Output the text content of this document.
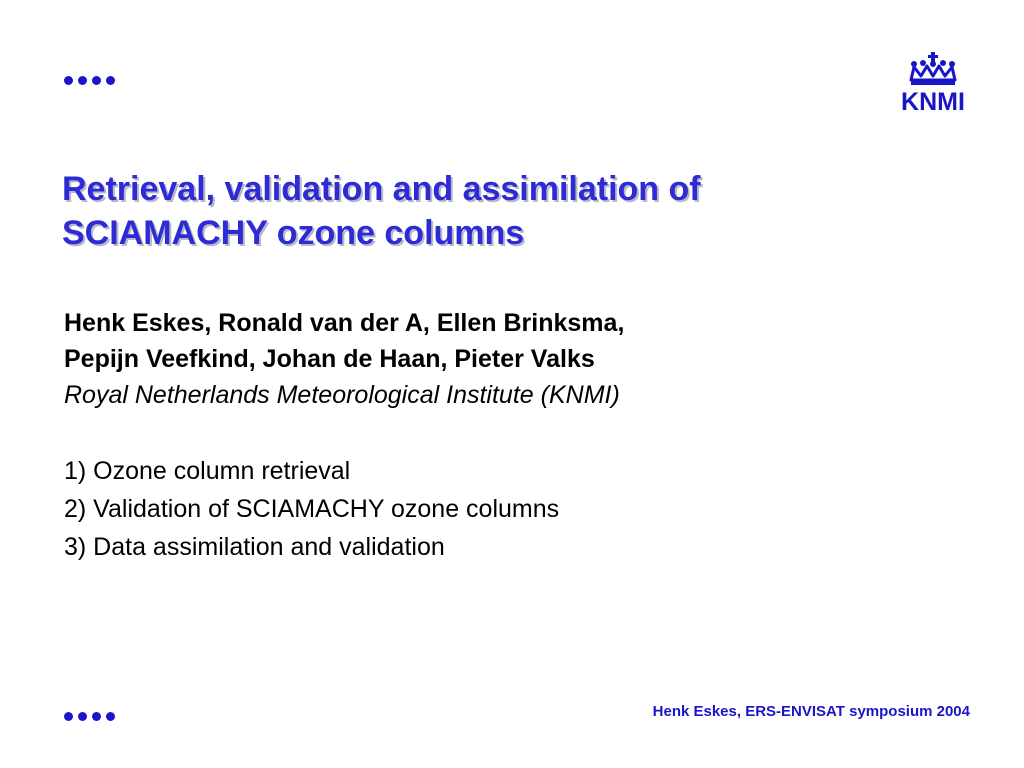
KNMI
Retrieval, validation and assimilation of
SCIAMACHY ozone columns
Henk Eskes, Ronald van der A, Ellen Brinksma,
Pepijn Veefkind, Johan de Haan, Pieter Valks
Royal Netherlands Meteorological Institute (KNMI)
1) Ozone column retrieval
2) Validation of SCIAMACHY ozone columns
3) Data assimilation and validation
Henk Eskes, ERS-ENVISAT symposium 2004
